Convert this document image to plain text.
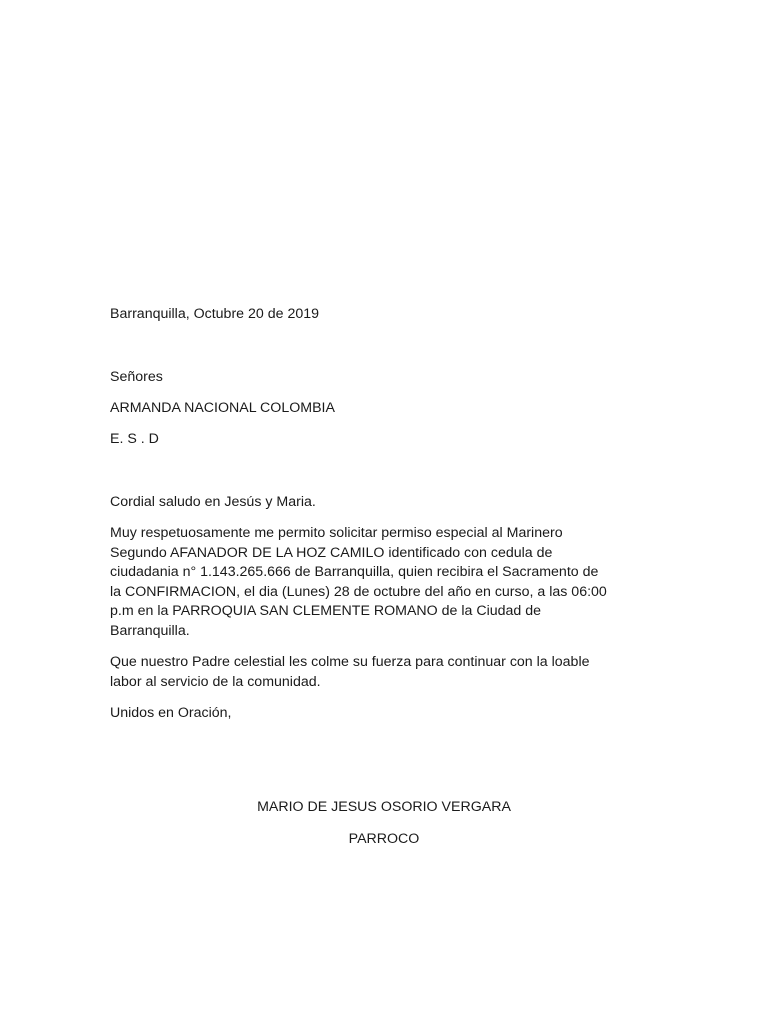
Barranquilla, Octubre 20 de 2019
Señores
ARMANDA NACIONAL COLOMBIA
E. S . D
Cordial saludo en Jesús y Maria.
Muy respetuosamente me permito solicitar permiso especial al Marinero
Segundo AFANADOR DE LA HOZ CAMILO identificado con cedula de
ciudadania n° 1.143.265.666 de Barranquilla, quien recibira el Sacramento de
la CONFIRMACION, el dia (Lunes) 28 de octubre del año en curso, a las 06:00
p.m en la PARROQUIA SAN CLEMENTE ROMANO de la Ciudad de
Barranquilla.
Que nuestro Padre celestial les colme su fuerza para continuar con la loable
labor al servicio de la comunidad.
Unidos en Oración,
MARIO DE JESUS OSORIO VERGARA
PARROCO
